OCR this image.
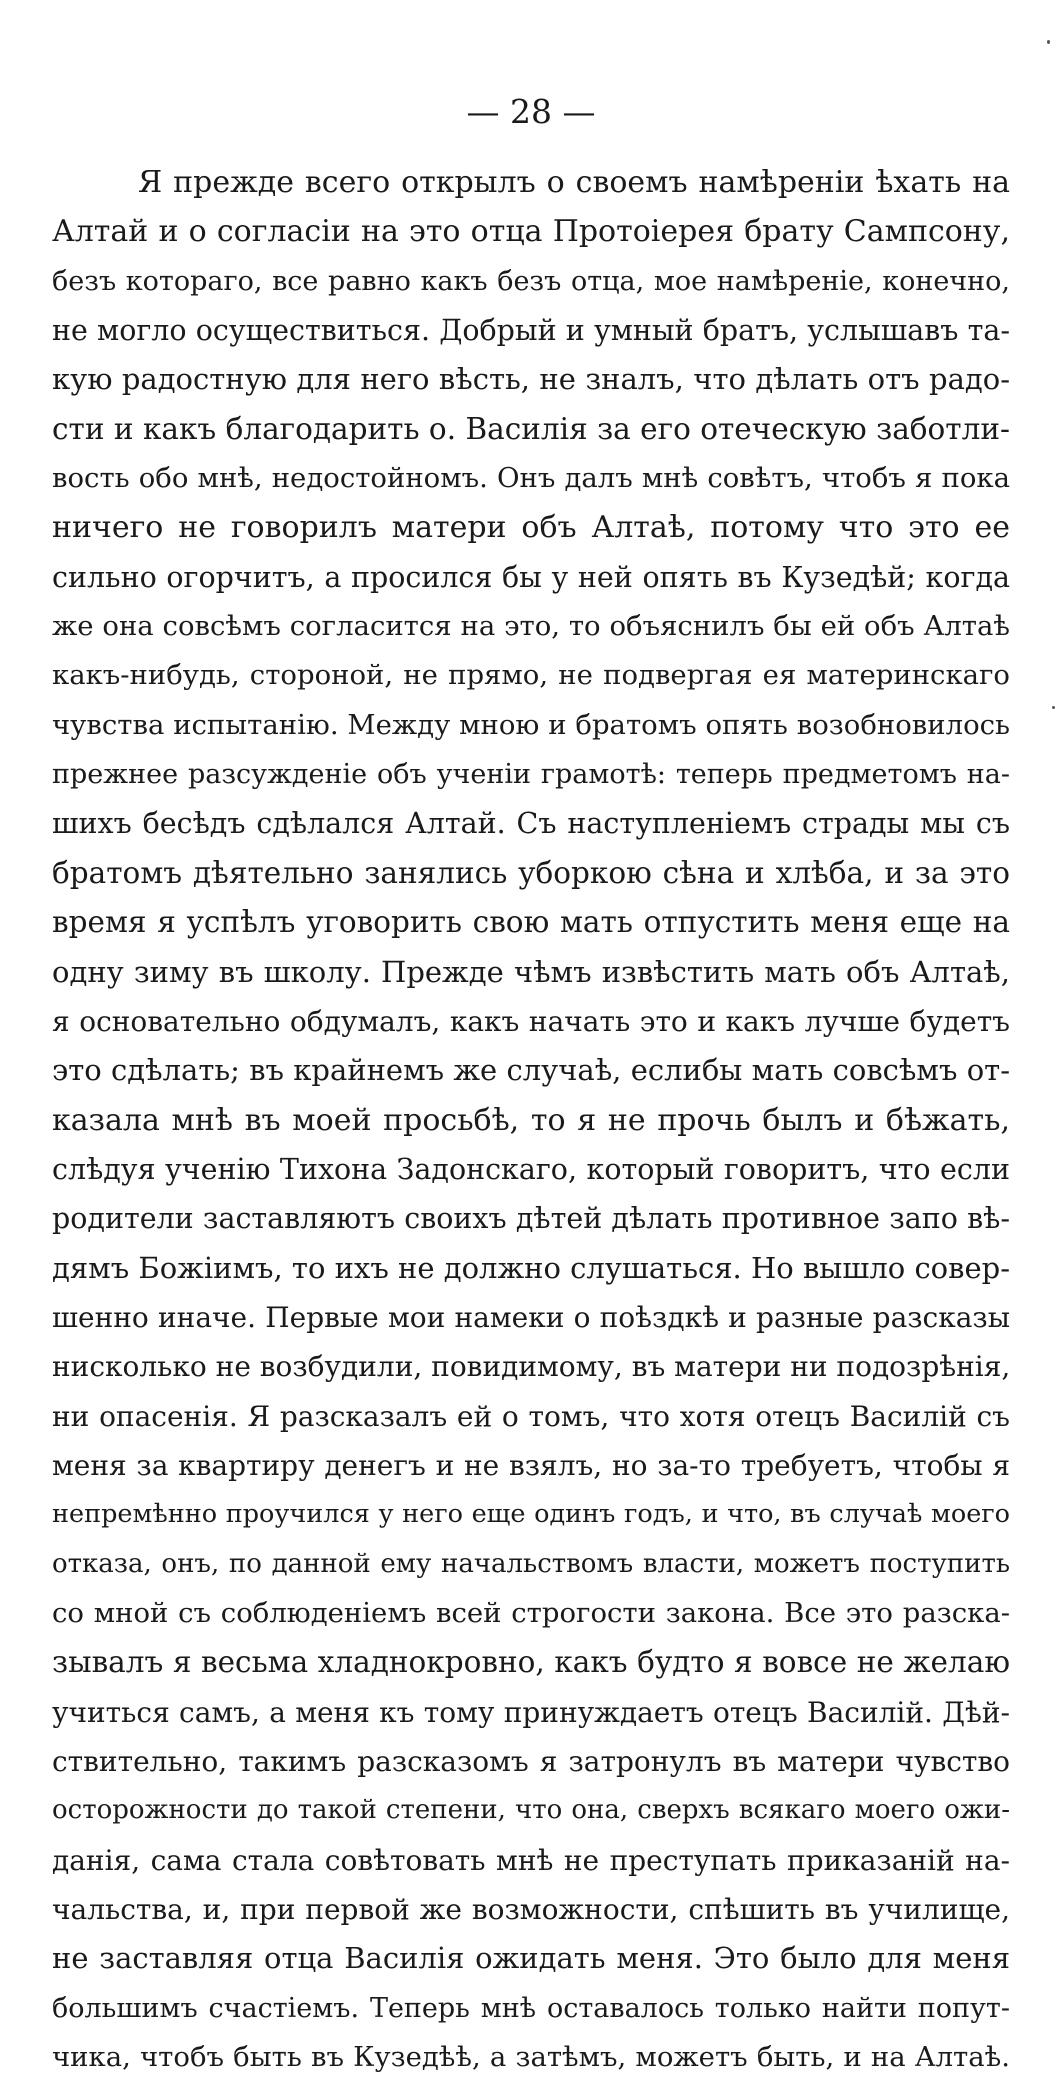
— 28 —
Я прежде всего открылъ о своемъ намѣреніи ѣхать на
Алтай и о согласіи на это отца Протоіерея брату Сампсону,
безъ котораго, все равно какъ безъ отца, мое намѣреніе, конечно,
не могло осуществиться. Добрый и умный братъ, услышавъ та-
кую радостную для него вѣсть, не зналъ, что дѣлать отъ радо-
сти и какъ благодарить о. Василія за его отеческую заботли-
вость обо мнѣ, недостойномъ. Онъ далъ мнѣ совѣтъ, чтобъ я пока
ничего не говорилъ матери объ Алтаѣ, потому что это ее
сильно огорчитъ, а просился бы у ней опять въ Кузедѣй; когда
же она совсѣмъ согласится на это, то объяснилъ бы ей объ Алтаѣ
какъ-нибудь, стороной, не прямо, не подвергая ея материнскаго
чувства испытанію. Между мною и братомъ опять возобновилось
прежнее разсужденіе объ ученіи грамотѣ: теперь предметомъ на-
шихъ бесѣдъ сдѣлался Алтай. Съ наступленіемъ страды мы съ
братомъ дѣятельно занялись уборкою сѣна и хлѣба, и за это
время я успѣлъ уговорить свою мать отпустить меня еще на
одну зиму въ школу. Прежде чѣмъ извѣстить мать объ Алтаѣ,
я основательно обдумалъ, какъ начать это и какъ лучше будетъ
это сдѣлать; въ крайнемъ же случаѣ, еслибы мать совсѣмъ от-
казала мнѣ въ моей просьбѣ, то я не прочь былъ и бѣжать,
слѣдуя ученію Тихона Задонскаго, который говоритъ, что если
родители заставляютъ своихъ дѣтей дѣлать противное запо вѣ-
дямъ Божіимъ, то ихъ не должно слушаться. Но вышло совер-
шенно иначе. Первые мои намеки о поѣздкѣ и разные разсказы
нисколько не возбудили, повидимому, въ матери ни подозрѣнія,
ни опасенія. Я разсказалъ ей о томъ, что хотя отецъ Василій съ
меня за квартиру денегъ и не взялъ, но за-то требуетъ, чтобы я
непремѣнно проучился у него еще одинъ годъ, и что, въ случаѣ моего
отказа, онъ, по данной ему начальствомъ власти, можетъ поступить
со мной съ соблюденіемъ всей строгости закона. Все это разска-
зывалъ я весьма хладнокровно, какъ будто я вовсе не желаю
учиться самъ, а меня къ тому принуждаетъ отецъ Василій. Дѣй-
ствительно, такимъ разсказомъ я затронулъ въ матери чувство
осторожности до такой степени, что она, сверхъ всякаго моего ожи-
данія, сама стала совѣтовать мнѣ не преступать приказаній на-
чальства, и, при первой же возможности, спѣшить въ училище,
не заставляя отца Василія ожидать меня. Это было для меня
большимъ счастіемъ. Теперь мнѣ оставалось только найти попут-
чика, чтобъ быть въ Кузедѣѣ, а затѣмъ, можетъ быть, и на Алтаѣ.
